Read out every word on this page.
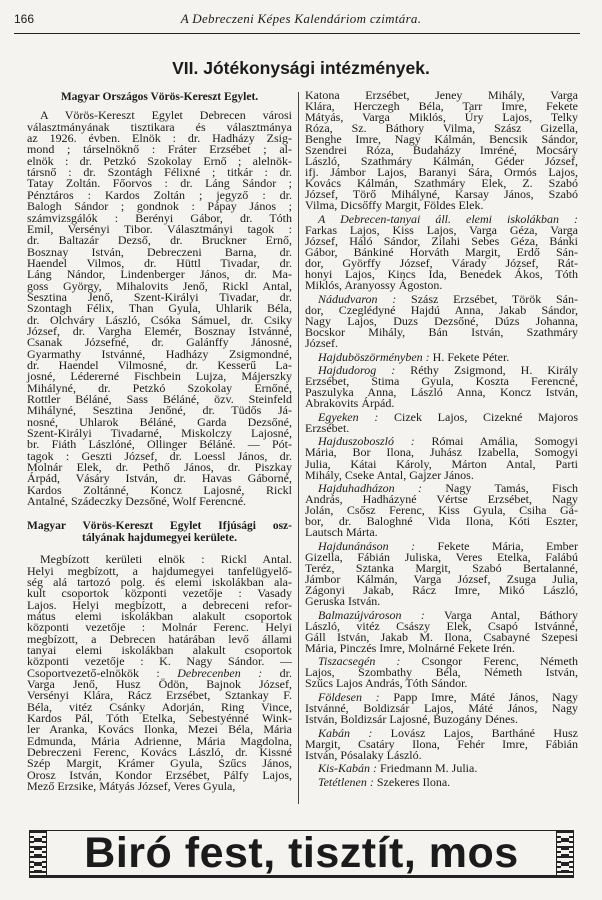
166	A Debreczeni Képes Kalendáriom czimtára.
VII. Jótékonysági intézmények.
Magyar Országos Vörös-Kereszt Egylet.
A Vörös-Kereszt Egylet Debrecen városi
választmányának tisztikara és választmánya
az 1926. évben. Elnök : dr. Hadházy Zsig-
mond ; társelnöknő : Fráter Erzsébet ; al-
elnök : dr. Petzkó Szokolay Ernő ; alelnök-
társnő : dr. Szontágh Félixné ; titkár : dr.
Tatay Zoltán. Főorvos : dr. Láng Sándor ;
Pénztáros : Kardos Zoltán ; jegyző : dr.
Balogh Sándor ; gondnok : Pápay János ;
számvizsgálók : Berényi Gábor, dr. Tóth
Emil, Versényi Tibor. Választmányi tagok :
dr. Baltazár Dezső, dr. Bruckner Ernő,
Bosznay István, Debreczeni Barna, dr.
Haendel Vilmos, dr. Hüttl Tivadar, dr.
Láng Nándor, Lindenberger János, dr. Ma-
goss György, Mihalovits Jenő, Rickl Antal,
Sesztina Jenő, Szent-Királyi Tivadar, dr.
Szontagh Félix, Than Gyula, Uhlarik Béla,
dr. Olchváry László, Csóka Sámuel, dr. Csiky
József, dr. Vargha Elemér, Bosznay Istvánné,
Csanak Józsefné, dr. Galánffy Jánosné,
Gyarmathy Istvánné, Hadházy Zsigmondné,
dr. Haendel Vilmosné, dr. Kesserű La-
josné, Lédererné Fischbein Lujza, Májerszky
Mihályné, dr. Petzkó Szokolay Ernőné,
Rottler Béláné, Sass Béláné, özv. Steinfeld
Mihályné, Sesztina Jenőné, dr. Tüdős Já-
nosné, Uhlarok Béláné, Garda Dezsőné,
Szent-Királyi Tivadarné, Miskolczy Lajosné,
br. Fiáth Lászlóné, Ollinger Béláné. — Pót-
tagok : Geszti József, dr. Loessl János, dr.
Molnár Elek, dr. Pethő János, dr. Piszkay
Árpád, Vásáry István, dr. Havas Gáborné,
Kardos Zoltánné, Koncz Lajosné, Rickl
Antalné, Szádeczky Dezsőné, Wolf Ferencné.
Magyar Vörös-Kereszt Egylet Ifjúsági osz-
tályának hajdumegyei kerülete.
Megbízott kerületi elnök : Rickl Antal.
Helyi megbízott, a hajdumegyei tanfelügyelő-
ség alá tartozó polg. és elemi iskolákban ala-
kult csoportok központi vezetője : Vasady
Lajos. Helyi megbízott, a debreceni refor-
mátus elemi iskolákban alakult csoportok
központi vezetője : Molnár Ferenc. Helyi
megbízott, a Debrecen határában levő állami
tanyai elemi iskolákban alakult csoportok
központi vezetője : K. Nagy Sándor. —
Csoportvezető-elnökök : Debrecenben : dr.
Varga Jenő, Husz Ödön, Bajnok József,
Versényi Klára, Rácz Erzsébet, Sztankay F.
Béla, vitéz Csánky Adorján, Ring Vince,
Kardos Pál, Tóth Etelka, Sebestyénné Wink-
ler Aranka, Kovács Ilonka, Mezei Béla, Mária
Edmunda, Mária Adrienne, Mária Magdolna,
Debreczeni Ferenc, Kovács László, dr. Kissné
Szép Margit, Krámer Gyula, Szűcs János,
Orosz István, Kondor Erzsébet, Pálfy Lajos,
Mező Erzsike, Mátyás József, Veres Gyula,
Katona Erzsébet, Jeney Mihály, Varga
Klára, Herczegh Béla, Tarr Imre, Fekete
Mátyás, Varga Miklós, Úry Lajos, Telky
Róza, Sz. Báthory Vilma, Szász Gizella,
Benghe Imre, Nagy Kálmán, Bencsik Sándor,
Szendrei Róza, Budaházy Imréné, Mocsáry
László, Szathmáry Kálmán, Géder József,
ifj. Jámbor Lajos, Baranyi Sára, Ormós Lajos,
Kovács Kálmán, Szathmáry Elek, Z. Szabó
József, Törő Mihályné, Karsay János, Szabó
Vilma, Dicsőffy Margit, Földes Elek.
A Debrecen-tanyai áll. elemi iskolákban :
Farkas Lajos, Kiss Lajos, Varga Géza, Varga
József, Háló Sándor, Zilahi Sebes Géza, Bánki
Gábor, Bánkiné Horváth Margit, Erdő Sán-
dor, Györffy József, Várady József, Rát-
honyi Lajos, Kincs Ida, Benedek Ákos, Tóth
Miklós, Aranyossy Ágoston.
Nádudvaron : Szász Erzsébet, Török Sán-
dor, Czeglédyné Hajdú Anna, Jakab Sándor,
Nagy Lajos, Duzs Dezsőné, Dúzs Johanna,
Bocskor Mihály, Bán István, Szathmáry
József.
Hajduböszörményben : H. Fekete Péter.
Hajdudorog : Réthy Zsigmond, H. Király
Erzsébet, Stima Gyula, Koszta Ferencné,
Paszulyka Anna, László Anna, Koncz István,
Abrakovits Árpád.
Egyeken : Cizek Lajos, Cizekné Majoros
Erzsébet.
Hajduszoboszló : Római Amália, Somogyi
Mária, Bor Ilona, Juhász Izabella, Somogyi
Julia, Kátai Károly, Márton Antal, Parti
Mihály, Cseke Antal, Gajzer János.
Hajduhadházon : Nagy Tamás, Fisch
András, Hadházyné Vértse Erzsébet, Nagy
Jolán, Csősz Ferenc, Kiss Gyula, Csiha Gá-
bor, dr. Baloghné Vida Ilona, Kóti Eszter,
Lautsch Márta.
Hajdunánáson : Fekete Mária, Ember
Gizella, Fábián Juliska, Veres Etelka, Falábú
Teréz, Sztanka Margit, Szabó Bertalanné,
Jámbor Kálmán, Varga József, Zsuga Julia,
Zágonyi Jakab, Rácz Imre, Mikó László,
Geruska István.
Balmazújvároson : Varga Antal, Báthory
László, vitéz Császy Elek, Csapó Istvánné,
Gáll István, Jakab M. Ilona, Csabayné Szepesi
Mária, Pinczés Imre, Molnárné Fekete Irén.
Tiszacsegén : Csongor Ferenc, Németh
Lajos, Szombathy Béla, Németh István,
Szűcs Lajos András, Tóth Sándor.
Földesen : Papp Imre, Máté János, Nagy
Istvánné, Boldizsár Lajos, Máté János, Nagy
István, Boldizsár Lajosné, Buzogány Dénes.
Kabán : Lovász Lajos, Bartháné Husz
Margit, Csatáry Ilona, Fehér Imre, Fábián
István, Pósalaky László.
Kis-Kabán : Friedmann M. Julia.
Tetétlenen : Szekeres Ilona.
Biró fest, tisztít, mos
